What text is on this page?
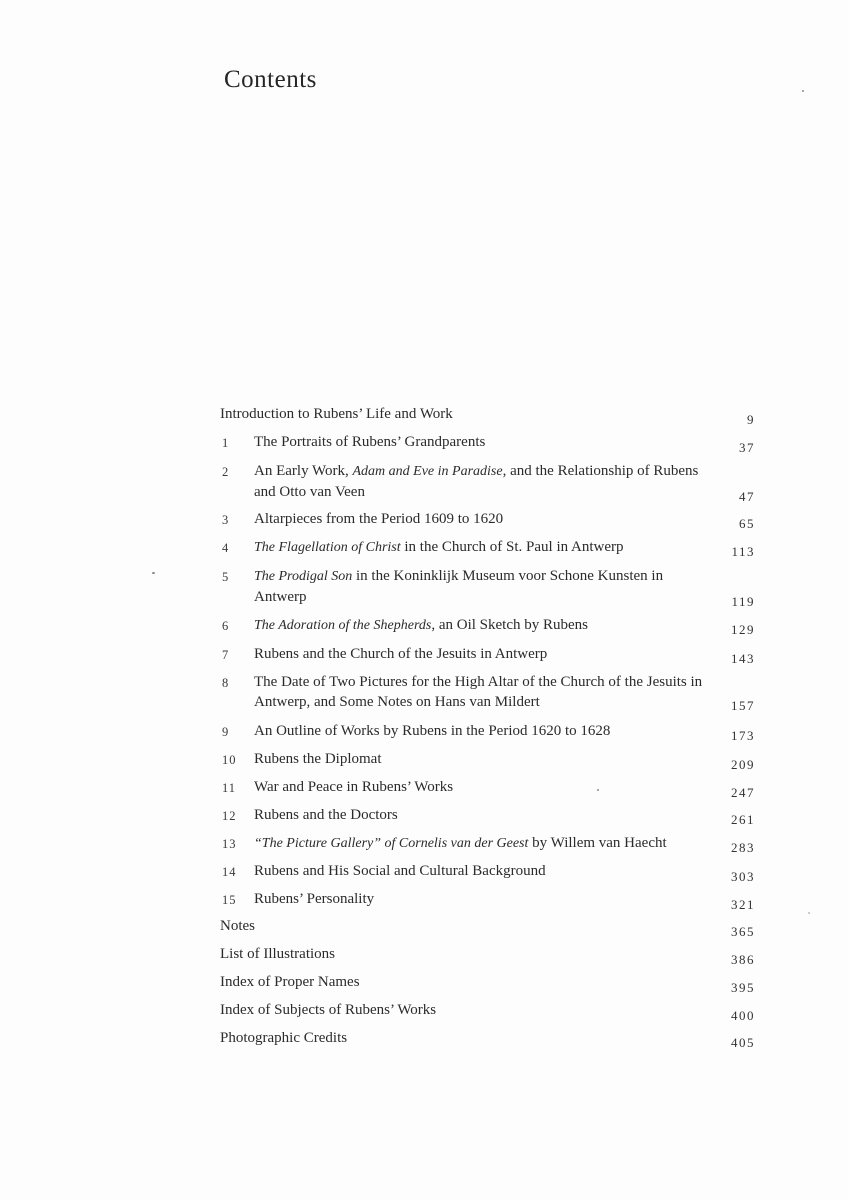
Contents
Introduction to Rubens’ Life and Work	9
1	The Portraits of Rubens’ Grandparents	37
2	An Early Work, Adam and Eve in Paradise, and the Relationship of Rubens and Otto van Veen	47
3	Altarpieces from the Period 1609 to 1620	65
4	The Flagellation of Christ in the Church of St. Paul in Antwerp	113
5	The Prodigal Son in the Koninklijk Museum voor Schone Kunsten in Antwerp	119
6	The Adoration of the Shepherds, an Oil Sketch by Rubens	129
7	Rubens and the Church of the Jesuits in Antwerp	143
8	The Date of Two Pictures for the High Altar of the Church of the Jesuits in Antwerp, and Some Notes on Hans van Mildert	157
9	An Outline of Works by Rubens in the Period 1620 to 1628	173
10	Rubens the Diplomat	209
11	War and Peace in Rubens’ Works	247
12	Rubens and the Doctors	261
13	“The Picture Gallery” of Cornelis van der Geest by Willem van Haecht	283
14	Rubens and His Social and Cultural Background	303
15	Rubens’ Personality	321
Notes	365
List of Illustrations	386
Index of Proper Names	395
Index of Subjects of Rubens’ Works	400
Photographic Credits	405
